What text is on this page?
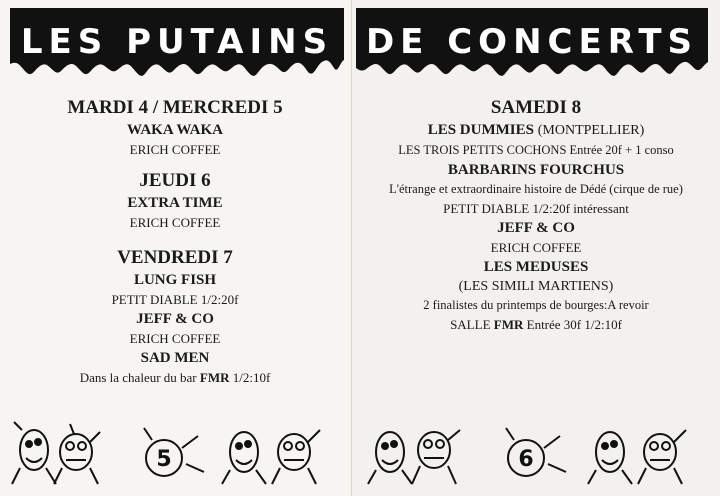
LES PUTAINS
MARDI 4 / MERCREDI 5
WAKA WAKA
ERICH COFFEE
JEUDI 6
EXTRA TIME
ERICH COFFEE
VENDREDI 7
LUNG FISH
PETIT DIABLE 1/2:20f
JEFF & CO
ERICH COFFEE
SAD MEN
Dans la chaleur du bar FMR 1/2:10f
5
DE CONCERTS
SAMEDI 8
LES DUMMIES (MONTPELLIER)
LES TROIS PETITS COCHONS Entrée 20f + 1 conso
BARBARINS FOURCHUS
L'étrange et extraordinaire histoire de Dédé (cirque de rue)
PETIT DIABLE 1/2:20f intéressant
JEFF & CO
ERICH COFFEE
LES MEDUSES
(LES SIMILI MARTIENS)
2 finalistes du printemps de bourges:A revoir
SALLE FMR Entrée 30f 1/2:10f
6
